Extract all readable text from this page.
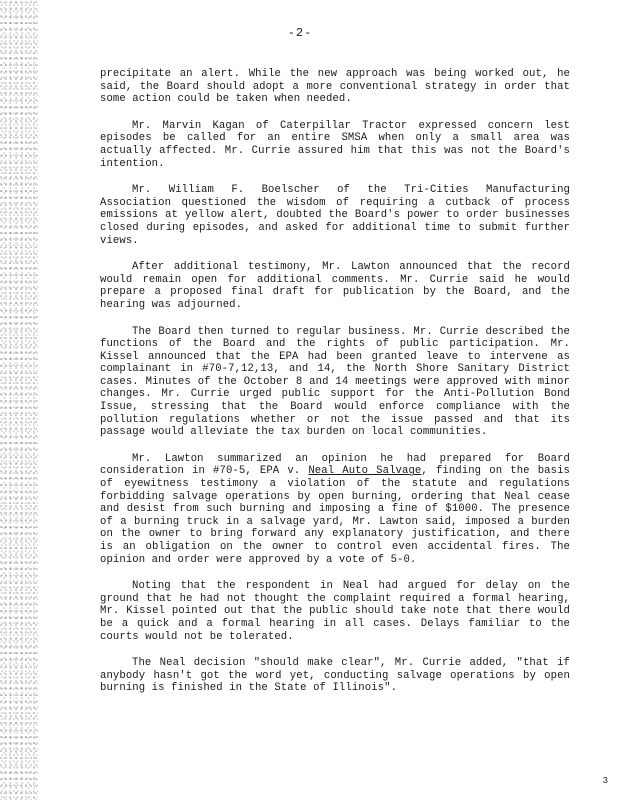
-2-

precipitate an alert. While the new approach was being worked out, he said, the Board should adopt a more conventional strategy in order that some action could be taken when needed.

Mr. Marvin Kagan of Caterpillar Tractor expressed concern lest episodes be called for an entire SMSA when only a small area was actually affected. Mr. Currie assured him that this was not the Board's intention.

Mr. William F. Boelscher of the Tri-Cities Manufacturing Association questioned the wisdom of requiring a cutback of process emissions at yellow alert, doubted the Board's power to order businesses closed during episodes, and asked for additional time to submit further views.

After additional testimony, Mr. Lawton announced that the record would remain open for additional comments. Mr. Currie said he would prepare a proposed final draft for publication by the Board, and the hearing was adjourned.

The Board then turned to regular business. Mr. Currie described the functions of the Board and the rights of public participation. Mr. Kissel announced that the EPA had been granted leave to intervene as complainant in #70-7,12,13, and 14, the North Shore Sanitary District cases. Minutes of the October 8 and 14 meetings were approved with minor changes. Mr. Currie urged public support for the Anti-Pollution Bond Issue, stressing that the Board would enforce compliance with the pollution regulations whether or not the issue passed and that its passage would alleviate the tax burden on local communities.

Mr. Lawton summarized an opinion he had prepared for Board consideration in #70-5, EPA v. Neal Auto Salvage, finding on the basis of eyewitness testimony a violation of the statute and regulations forbidding salvage operations by open burning, ordering that Neal cease and desist from such burning and imposing a fine of $1000. The presence of a burning truck in a salvage yard, Mr. Lawton said, imposed a burden on the owner to bring forward any explanatory justification, and there is an obligation on the owner to control even accidental fires. The opinion and order were approved by a vote of 5-0.

Noting that the respondent in Neal had argued for delay on the ground that he had not thought the complaint required a formal hearing, Mr. Kissel pointed out that the public should take note that there would be a quick and a formal hearing in all cases. Delays familiar to the courts would not be tolerated.

The Neal decision "should make clear", Mr. Currie added, "that if anybody hasn't got the word yet, conducting salvage operations by open burning is finished in the State of Illinois".

3
